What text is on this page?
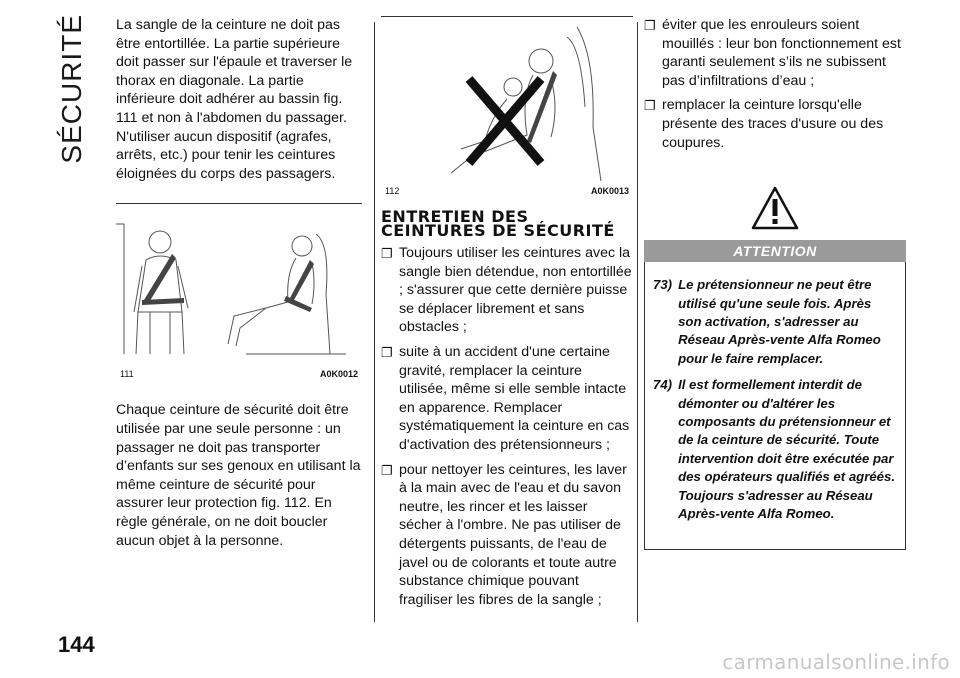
SÉCURITÉ
144

La sangle de la ceinture ne doit pas être entortillée. La partie supérieure doit passer sur l'épaule et traverser le thorax en diagonale. La partie inférieure doit adhérer au bassin fig. 111 et non à l'abdomen du passager. N'utiliser aucun dispositif (agrafes, arrêts, etc.) pour tenir les ceintures éloignées du corps des passagers.

111	A0K0012

Chaque ceinture de sécurité doit être utilisée par une seule personne : un passager ne doit pas transporter d’enfants sur ses genoux en utilisant la même ceinture de sécurité pour assurer leur protection fig. 112. En règle générale, on ne doit boucler aucun objet à la personne.

112	A0K0013
ENTRETIEN DES CEINTURES DE SÉCURITÉ
❐ Toujours utiliser les ceintures avec la sangle bien détendue, non entortillée ; s'assurer que cette dernière puisse se déplacer librement et sans obstacles ;
❐ suite à un accident d'une certaine gravité, remplacer la ceinture utilisée, même si elle semble intacte en apparence. Remplacer systématiquement la ceinture en cas d'activation des prétensionneurs ;
❐ pour nettoyer les ceintures, les laver à la main avec de l'eau et du savon neutre, les rincer et les laisser sécher à l'ombre. Ne pas utiliser de détergents puissants, de l'eau de javel ou de colorants et toute autre substance chimique pouvant fragiliser les fibres de la sangle ;
❐ éviter que les enrouleurs soient mouillés : leur bon fonctionnement est garanti seulement s’ils ne subissent pas d’infiltrations d’eau ;
❐ remplacer la ceinture lorsqu'elle présente des traces d'usure ou des coupures.
ATTENTION
73) Le prétensionneur ne peut être utilisé qu'une seule fois. Après son activation, s'adresser au Réseau Après-vente Alfa Romeo pour le faire remplacer.
74) Il est formellement interdit de démonter ou d'altérer les composants du prétensionneur et de la ceinture de sécurité. Toute intervention doit être exécutée par des opérateurs qualifiés et agréés. Toujours s'adresser au Réseau Après-vente Alfa Romeo.
carmanualsonline.info
